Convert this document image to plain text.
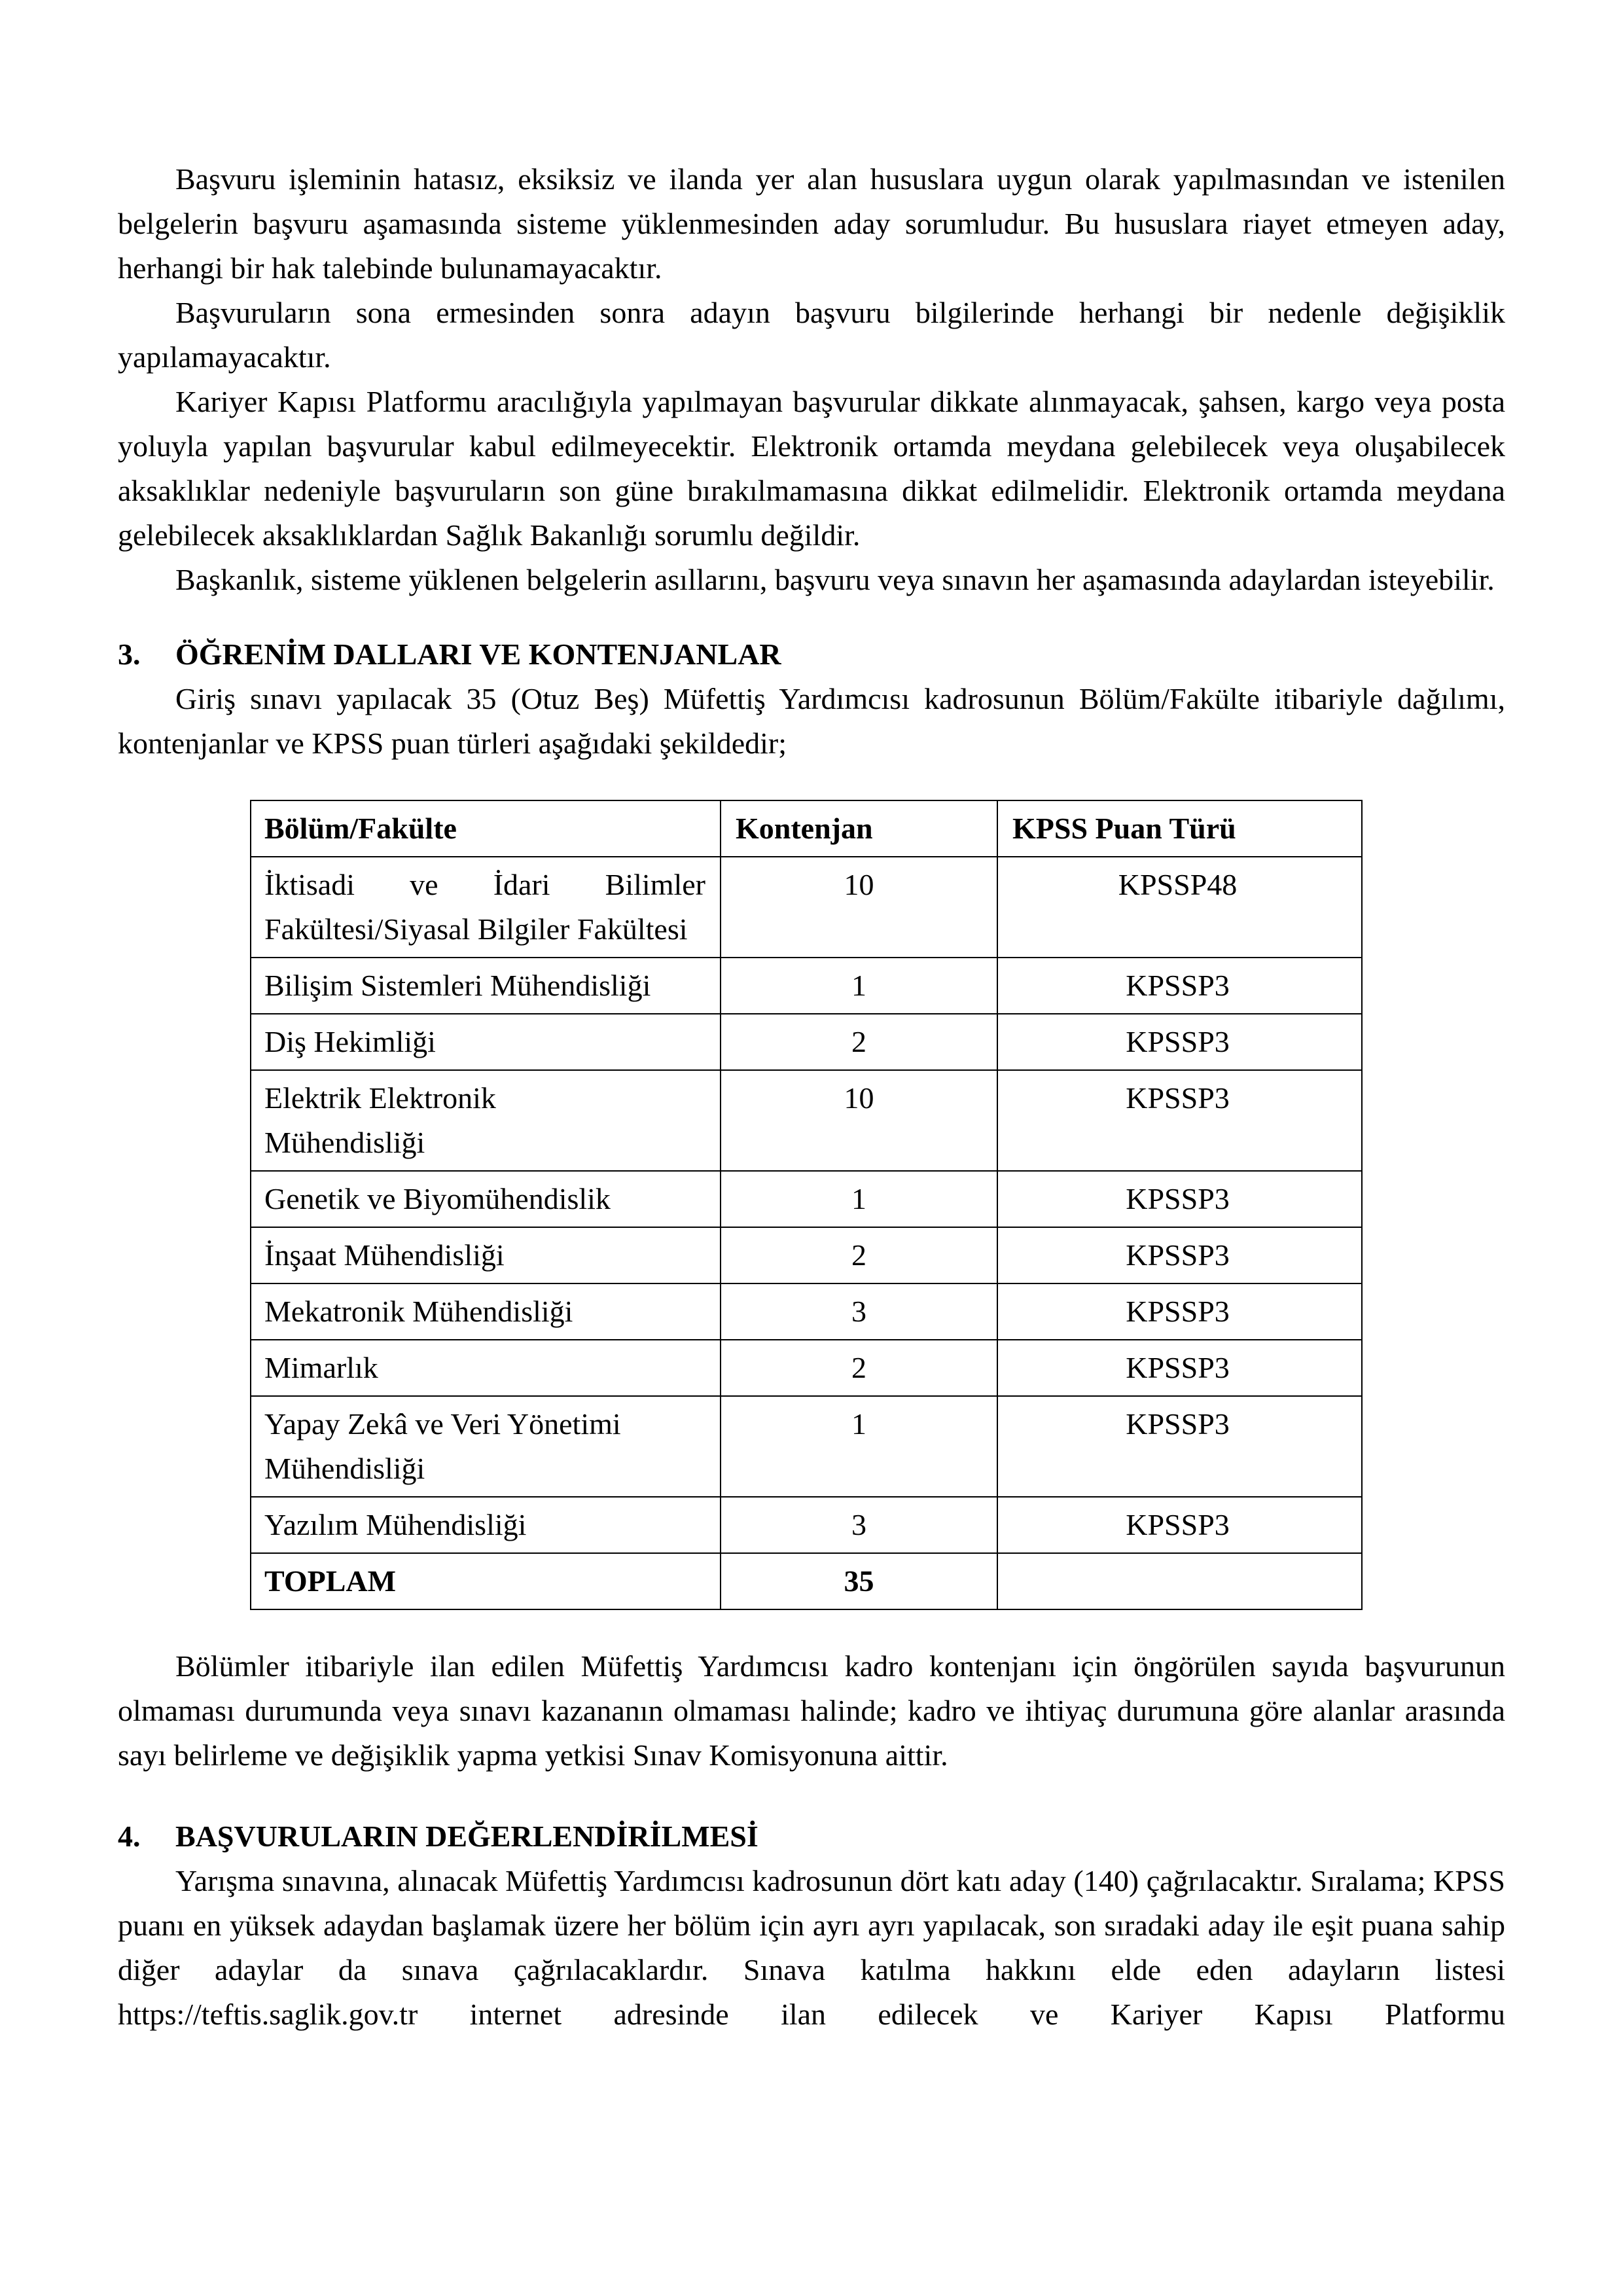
Başvuru işleminin hatasız, eksiksiz ve ilanda yer alan hususlara uygun olarak yapılmasından ve istenilen belgelerin başvuru aşamasında sisteme yüklenmesinden aday sorumludur. Bu hususlara riayet etmeyen aday, herhangi bir hak talebinde bulunamayacaktır.

Başvuruların sona ermesinden sonra adayın başvuru bilgilerinde herhangi bir nedenle değişiklik yapılamayacaktır.

Kariyer Kapısı Platformu aracılığıyla yapılmayan başvurular dikkate alınmayacak, şahsen, kargo veya posta yoluyla yapılan başvurular kabul edilmeyecektir. Elektronik ortamda meydana gelebilecek veya oluşabilecek aksaklıklar nedeniyle başvuruların son güne bırakılmamasına dikkat edilmelidir. Elektronik ortamda meydana gelebilecek aksaklıklardan Sağlık Bakanlığı sorumlu değildir.

Başkanlık, sisteme yüklenen belgelerin asıllarını, başvuru veya sınavın her aşamasında adaylardan isteyebilir.

3. ÖĞRENİM DALLARI VE KONTENJANLAR

Giriş sınavı yapılacak 35 (Otuz Beş) Müfettiş Yardımcısı kadrosunun Bölüm/Fakülte itibariyle dağılımı, kontenjanlar ve KPSS puan türleri aşağıdaki şekildedir;

Bölüm/Fakülte	Kontenjan	KPSS Puan Türü
İktisadi ve İdari Bilimler Fakültesi/Siyasal Bilgiler Fakültesi	10	KPSSP48
Bilişim Sistemleri Mühendisliği	1	KPSSP3
Diş Hekimliği	2	KPSSP3
Elektrik Elektronik Mühendisliği	10	KPSSP3
Genetik ve Biyomühendislik	1	KPSSP3
İnşaat Mühendisliği	2	KPSSP3
Mekatronik Mühendisliği	3	KPSSP3
Mimarlık	2	KPSSP3
Yapay Zekâ ve Veri Yönetimi Mühendisliği	1	KPSSP3
Yazılım Mühendisliği	3	KPSSP3
TOPLAM	35	

Bölümler itibariyle ilan edilen Müfettiş Yardımcısı kadro kontenjanı için öngörülen sayıda başvurunun olmaması durumunda veya sınavı kazananın olmaması halinde; kadro ve ihtiyaç durumuna göre alanlar arasında sayı belirleme ve değişiklik yapma yetkisi Sınav Komisyonuna aittir.

4. BAŞVURULARIN DEĞERLENDİRİLMESİ

Yarışma sınavına, alınacak Müfettiş Yardımcısı kadrosunun dört katı aday (140) çağrılacaktır. Sıralama; KPSS puanı en yüksek adaydan başlamak üzere her bölüm için ayrı ayrı yapılacak, son sıradaki aday ile eşit puana sahip diğer adaylar da sınava çağrılacaklardır. Sınava katılma hakkını elde eden adayların listesi https://teftis.saglik.gov.tr internet adresinde ilan edilecek ve Kariyer Kapısı Platformu
